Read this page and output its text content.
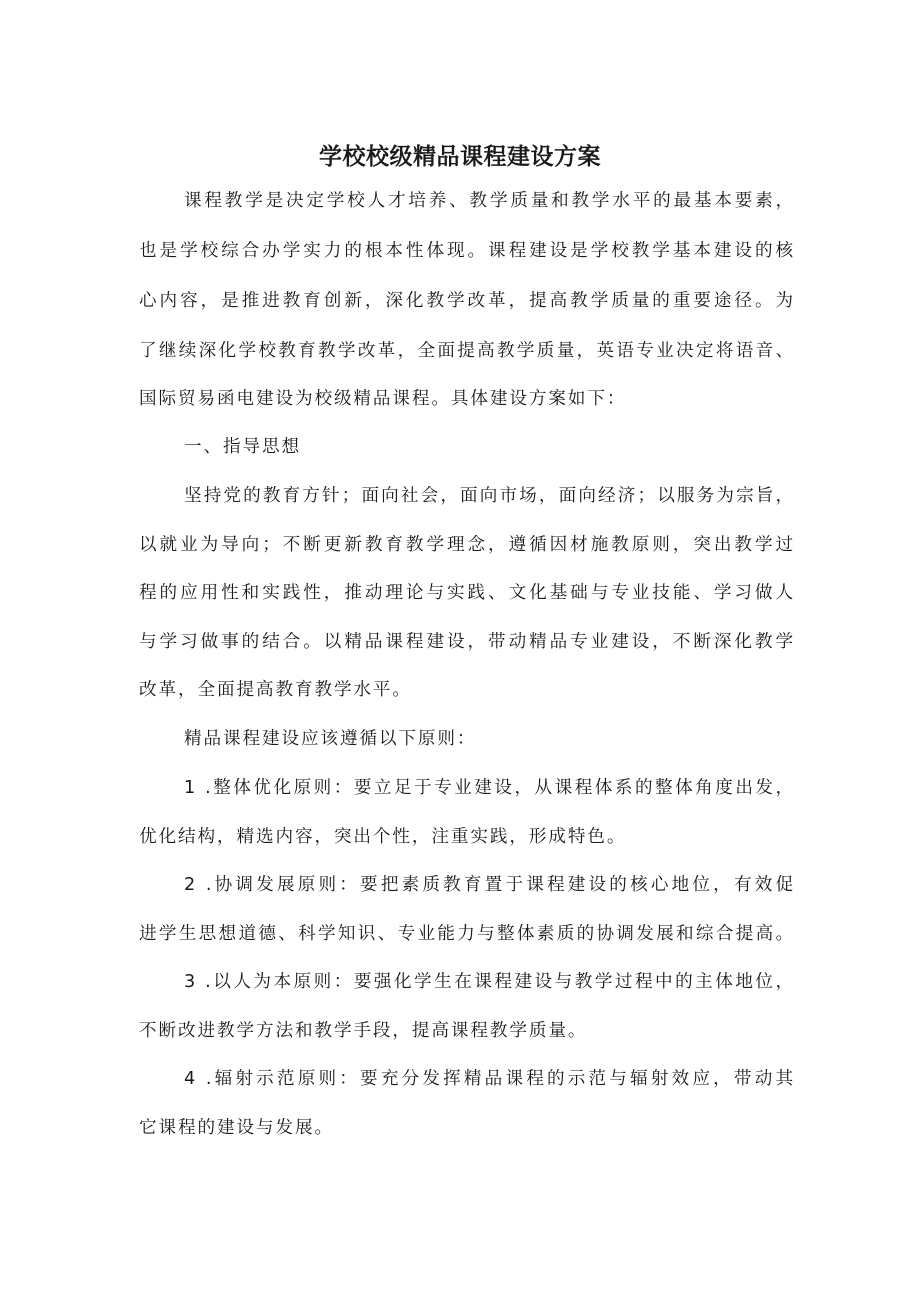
学校校级精品课程建设方案
课程教学是决定学校人才培养、教学质量和教学水平的最基本要素，
也是学校综合办学实力的根本性体现。课程建设是学校教学基本建设的核
心内容，是推进教育创新，深化教学改革，提高教学质量的重要途径。为
了继续深化学校教育教学改革，全面提高教学质量，英语专业决定将语音、
国际贸易函电建设为校级精品课程。具体建设方案如下：
一、指导思想
坚持党的教育方针；面向社会，面向市场，面向经济；以服务为宗旨，
以就业为导向；不断更新教育教学理念，遵循因材施教原则，突出教学过
程的应用性和实践性，推动理论与实践、文化基础与专业技能、学习做人
与学习做事的结合。以精品课程建设，带动精品专业建设，不断深化教学
改革，全面提高教育教学水平。
精品课程建设应该遵循以下原则：
1 .整体优化原则：要立足于专业建设，从课程体系的整体角度出发，
优化结构，精选内容，突出个性，注重实践，形成特色。
2 .协调发展原则：要把素质教育置于课程建设的核心地位，有效促
进学生思想道德、科学知识、专业能力与整体素质的协调发展和综合提高。
3 .以人为本原则：要强化学生在课程建设与教学过程中的主体地位，
不断改进教学方法和教学手段，提高课程教学质量。
4 .辐射示范原则：要充分发挥精品课程的示范与辐射效应，带动其
它课程的建设与发展。
